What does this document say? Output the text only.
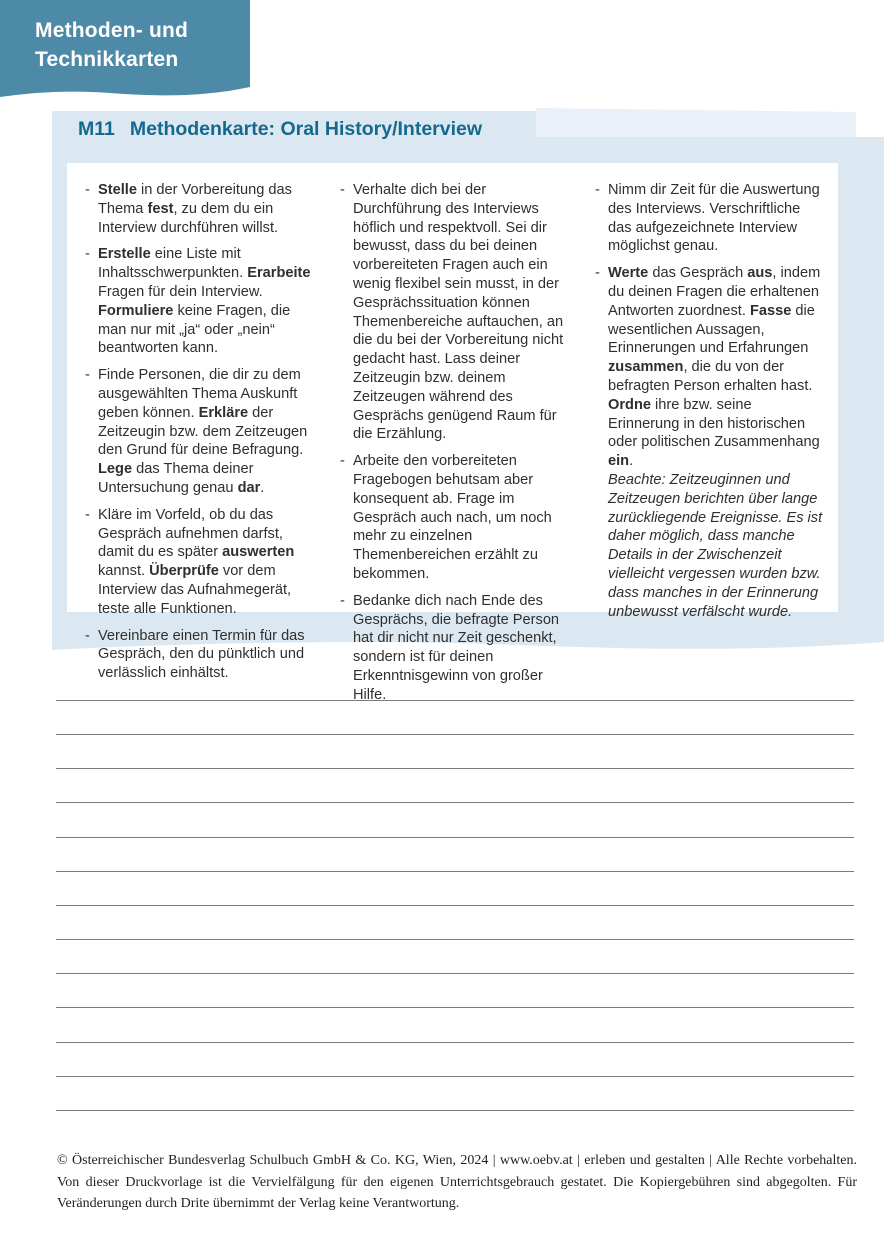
Methoden- und
Technikkarten
M11 Methodenkarte: Oral History/Interview
- Stelle in der Vorbereitung das Thema fest, zu dem du ein Interview durchführen willst.
- Erstelle eine Liste mit Inhaltsschwerpunkten. Erarbeite Fragen für dein Interview. Formuliere keine Fragen, die man nur mit „ja“ oder „nein“ beantworten kann.
- Finde Personen, die dir zu dem ausgewählten Thema Auskunft geben können. Erkläre der Zeitzeugin bzw. dem Zeitzeugen den Grund für deine Befragung. Lege das Thema deiner Untersuchung genau dar.
- Kläre im Vorfeld, ob du das Gespräch aufnehmen darfst, damit du es später auswerten kannst. Überprüfe vor dem Interview das Aufnahmegerät, teste alle Funktionen.
- Vereinbare einen Termin für das Gespräch, den du pünktlich und verlässlich einhältst.
- Verhalte dich bei der Durchführung des Interviews höflich und respektvoll. Sei dir bewusst, dass du bei deinen vorbereiteten Fragen auch ein wenig flexibel sein musst, in der Gesprächssituation können Themenbereiche auftauchen, an die du bei der Vorbereitung nicht gedacht hast. Lass deiner Zeitzeugin bzw. deinem Zeitzeugen während des Gesprächs genügend Raum für die Erzählung.
- Arbeite den vorbereiteten Fragebogen behutsam aber konsequent ab. Frage im Gespräch auch nach, um noch mehr zu einzelnen Themenbereichen erzählt zu bekommen.
- Bedanke dich nach Ende des Gesprächs, die befragte Person hat dir nicht nur Zeit geschenkt, sondern ist für deinen Erkenntnisgewinn von großer Hilfe.
- Nimm dir Zeit für die Auswertung des Interviews. Verschriftliche das aufgezeichnete Interview möglichst genau.
- Werte das Gespräch aus, indem du deinen Fragen die erhaltenen Antworten zuordnest. Fasse die wesentlichen Aussagen, Erinnerungen und Erfahrungen zusammen, die du von der befragten Person erhalten hast. Ordne ihre bzw. seine Erinnerung in den historischen oder politischen Zusammenhang ein.
Beachte: Zeitzeuginnen und Zeitzeugen berichten über lange zurückliegende Ereignisse. Es ist daher möglich, dass manche Details in der Zwischenzeit vielleicht vergessen wurden bzw. dass manches in der Erinnerung unbewusst verfälscht wurde.
© Österreichischer Bundesverlag Schulbuch GmbH & Co. KG, Wien, 2024 | www.oebv.at | erleben und gestalten | Alle Rechte vorbehalten. Von dieser Druckvorlage ist die Vervielfälgung für den eigenen Unterrichtsgebrauch gestatet. Die Kopiergebühren sind abgegolten. Für Veränderungen durch Drite übernimmt der Verlag keine Verantwortung.
